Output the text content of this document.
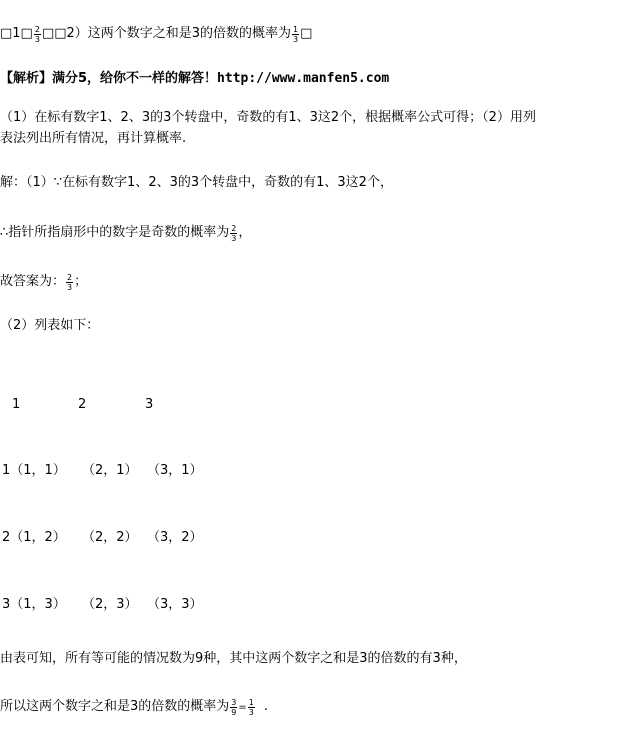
□1□ $\frac{2}{3}$ □□2）这两个数字之和是3的倍数的概率为 $\frac{1}{3}$ □
【解析】满分5，给你不一样的解答！http://www.manfen5.com
（1）在标有数字1、2、3的3个转盘中，奇数的有1、3这2个，根据概率公式可得；（2）用列
表法列出所有情况，再计算概率.
解：（1）∵在标有数字1、2、3的3个转盘中，奇数的有1、3这2个，
∴指针所指扇形中的数字是奇数的概率为 $\frac{2}{3}$ ，
故答案为： $\frac{2}{3}$ ；
（2）列表如下：
1	2	3
1（1，1） （2，1） （3，1）
2（1，2） （2，2） （3，2）
3（1，3） （2，3） （3，3）
由表可知，所有等可能的情况数为9种，其中这两个数字之和是3的倍数的有3种，
所以这两个数字之和是3的倍数的概率为 $\frac{3}{9} = \frac{1}{3}$ .
